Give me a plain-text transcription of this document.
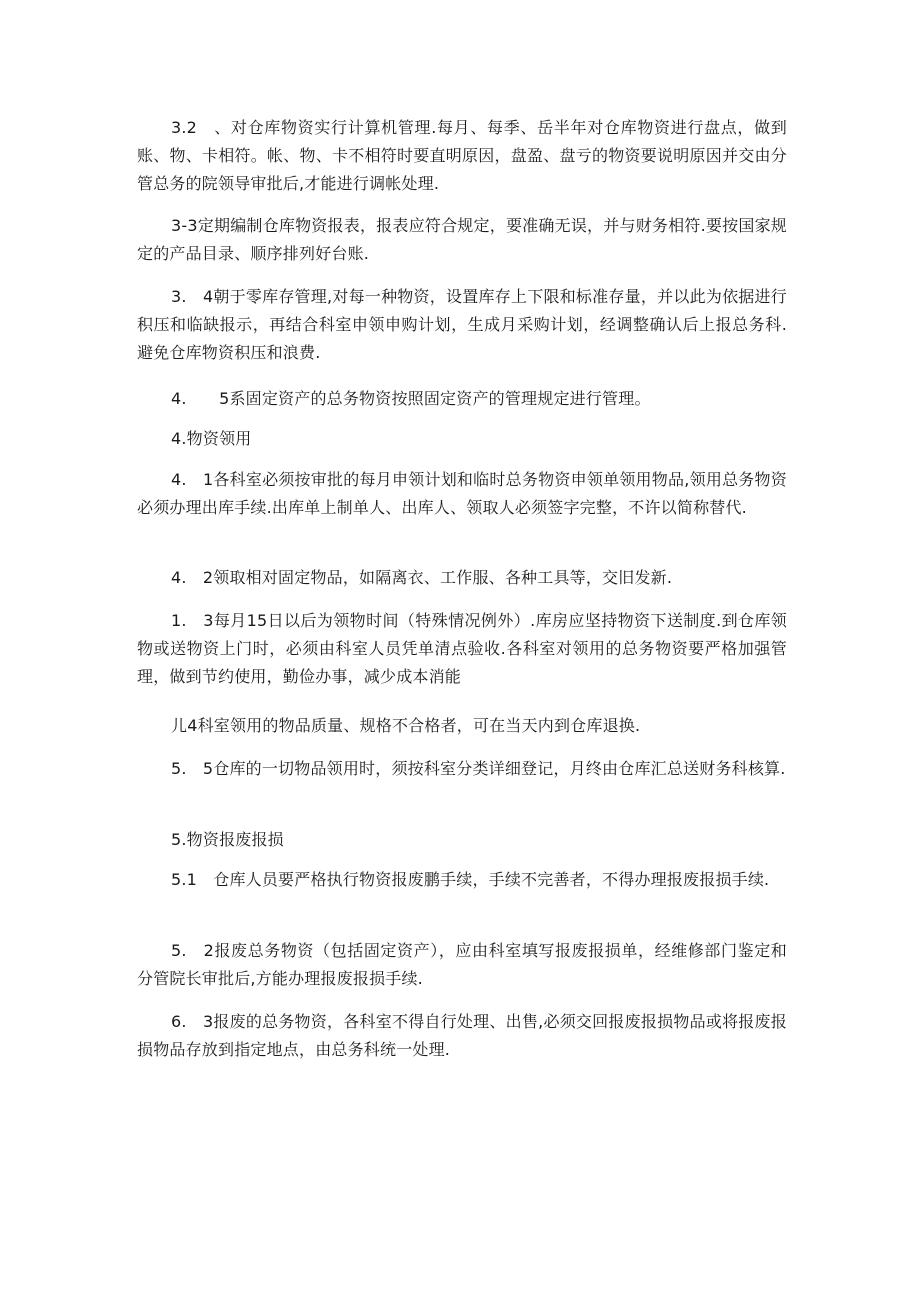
3.2　、对仓库物资实行计算机管理.每月、每季、岳半年对仓库物资进行盘点，做到账、物、卡相符。帐、物、卡不相符时要直明原因，盘盈、盘亏的物资要说明原因并交由分管总务的院领导审批后,才能进行调帐处理.

3-3定期编制仓库物资报表，报表应符合规定，要准确无误，并与财务相符.要按国家规定的产品目录、顺序排列好台账.

3.　4朝于零库存管理,对每一种物资，设置库存上下限和标准存量，并以此为依据进行积压和临缺报示，再结合科室申领申购计划，生成月采购计划，经调整确认后上报总务科.避免仓库物资积压和浪费.

4.　　5系固定资产的总务物资按照固定资产的管理规定进行管理。

4.物资领用

4.　1各科室必须按审批的每月申领计划和临时总务物资申领单领用物品,领用总务物资必须办理出库手续.出库单上制单人、出库人、领取人必须签字完整，不许以简称替代.

4.　2领取相对固定物品，如隔离衣、工作服、各种工具等，交旧发新.

1.　3每月15日以后为领物时间（特殊情况例外）.库房应坚持物资下送制度.到仓库领物或送物资上门时，必须由科室人员凭单清点验收.各科室对领用的总务物资要严格加强管理，做到节约使用，勤俭办事，减少成本消能

儿4科室领用的物品质量、规格不合格者，可在当天内到仓库退换.

5.　5仓库的一切物品领用时，须按科室分类详细登记，月终由仓库汇总送财务科核算.

5.物资报废报损

5.1　仓库人员要严格执行物资报废鹏手续，手续不完善者，不得办理报废报损手续.

5.　2报废总务物资（包括固定资产），应由科室填写报废报损单，经维修部门鉴定和分管院长审批后,方能办理报废报损手续.

6.　3报废的总务物资，各科室不得自行处理、出售,必须交回报废报损物品或将报废报损物品存放到指定地点，由总务科统一处理.
